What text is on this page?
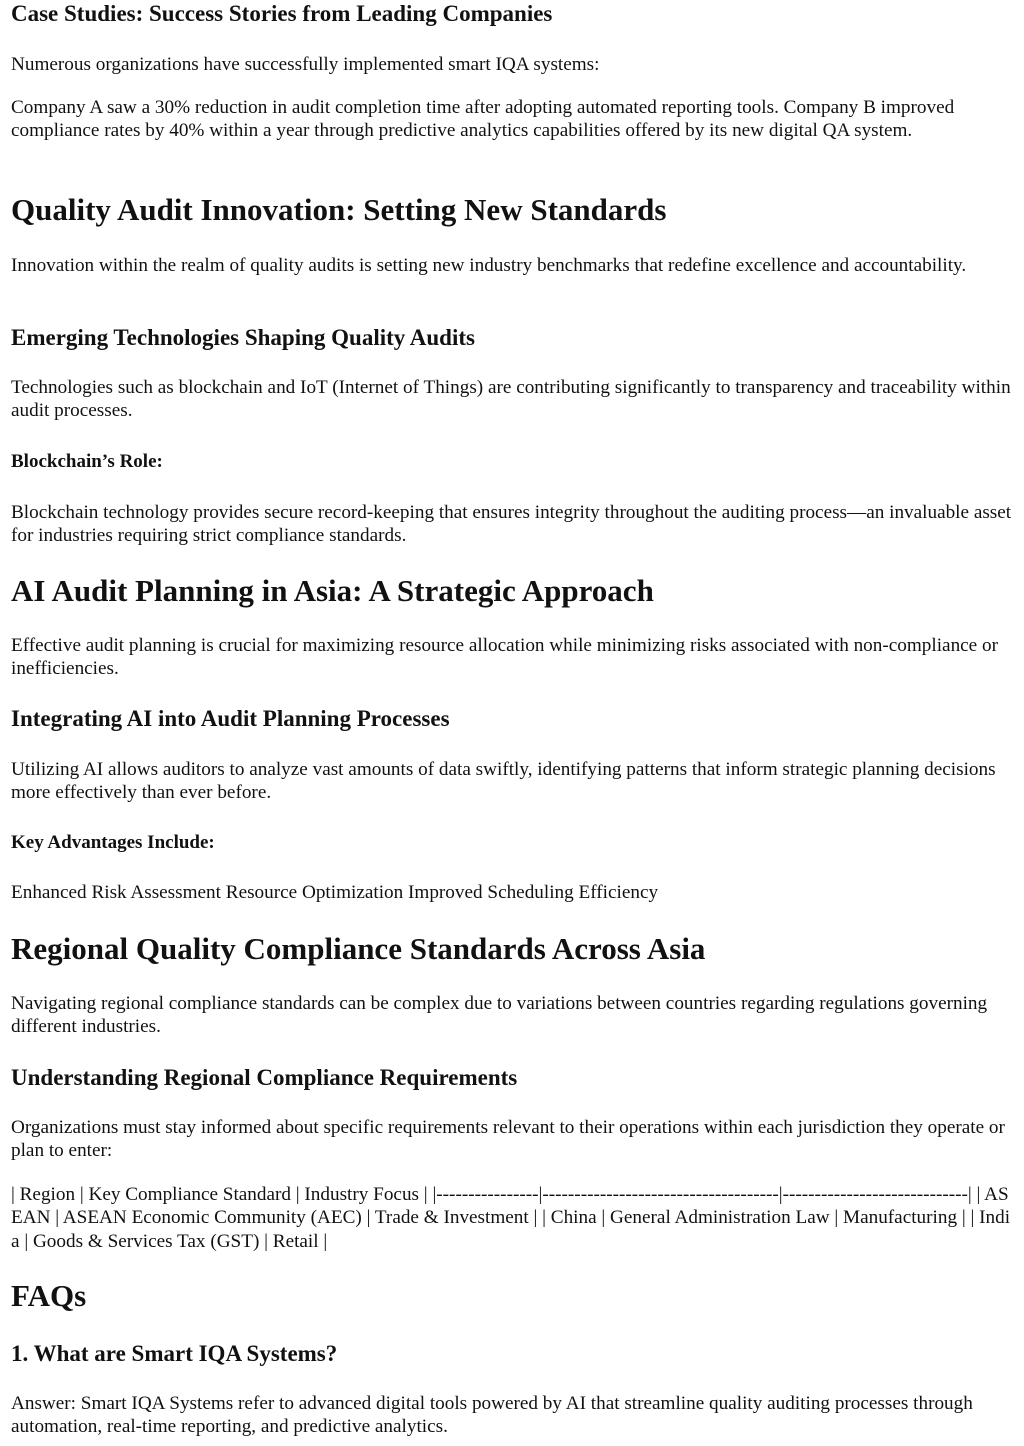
Case Studies: Success Stories from Leading Companies

Numerous organizations have successfully implemented smart IQA systems:

Company A saw a 30% reduction in audit completion time after adopting automated reporting tools. Company B improved compliance rates by 40% within a year through predictive analytics capabilities offered by its new digital QA system.

Quality Audit Innovation: Setting New Standards

Innovation within the realm of quality audits is setting new industry benchmarks that redefine excellence and accountability.

Emerging Technologies Shaping Quality Audits

Technologies such as blockchain and IoT (Internet of Things) are contributing significantly to transparency and traceability within audit processes.

Blockchain’s Role:

Blockchain technology provides secure record-keeping that ensures integrity throughout the auditing process—an invaluable asset for industries requiring strict compliance standards.

AI Audit Planning in Asia: A Strategic Approach

Effective audit planning is crucial for maximizing resource allocation while minimizing risks associated with non-compliance or inefficiencies.

Integrating AI into Audit Planning Processes

Utilizing AI allows auditors to analyze vast amounts of data swiftly, identifying patterns that inform strategic planning decisions more effectively than ever before.

Key Advantages Include:

Enhanced Risk Assessment Resource Optimization Improved Scheduling Efficiency

Regional Quality Compliance Standards Across Asia

Navigating regional compliance standards can be complex due to variations between countries regarding regulations governing different industries.

Understanding Regional Compliance Requirements

Organizations must stay informed about specific requirements relevant to their operations within each jurisdiction they operate or plan to enter:

| Region | Key Compliance Standard | Industry Focus | |----------------|-------------------------------------|-----------------------------| | ASEAN | ASEAN Economic Community (AEC) | Trade & Investment | | China | General Administration Law | Manufacturing | | India | Goods & Services Tax (GST) | Retail |

FAQs
1. What are Smart IQA Systems?

Answer: Smart IQA Systems refer to advanced digital tools powered by AI that streamline quality auditing processes through automation, real-time reporting, and predictive analytics.
